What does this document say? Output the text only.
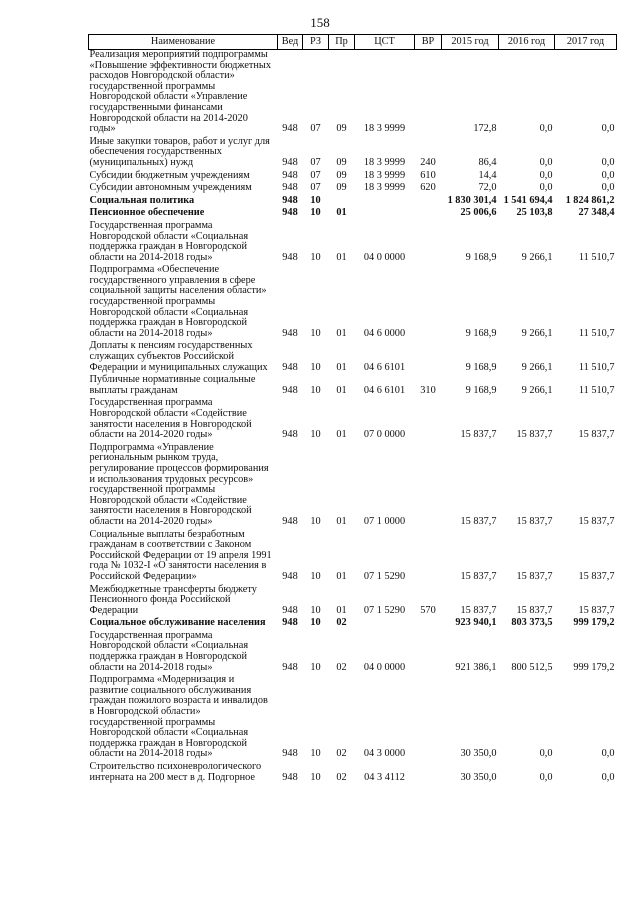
158
Наименование	Вед	РЗ	Пр	ЦСТ	ВР	2015 год	2016 год	2017 год
Реализация мероприятий подпрограммы «Повышение эффективности бюджетных расходов Новгородской области» государственной программы Новгородской области «Управление государственными финансами Новгородской области на 2014-2020 годы»	948	07	09	18 3 9999		172,8	0,0	0,0
Иные закупки товаров, работ и услуг для обеспечения государственных (муниципальных) нужд	948	07	09	18 3 9999	240	86,4	0,0	0,0
Субсидии бюджетным учреждениям	948	07	09	18 3 9999	610	14,4	0,0	0,0
Субсидии автономным учреждениям	948	07	09	18 3 9999	620	72,0	0,0	0,0
Социальная политика	948	10				1 830 301,4	1 541 694,4	1 824 861,2
Пенсионное обеспечение	948	10	01			25 006,6	25 103,8	27 348,4
Государственная программа Новгородской области «Социальная поддержка граждан в Новгородской области на 2014-2018 годы»	948	10	01	04 0 0000		9 168,9	9 266,1	11 510,7
Подпрограмма «Обеспечение государственного управления в сфере социальной защиты населения области» государственной программы Новгородской области «Социальная поддержка граждан в Новгородской области на 2014-2018 годы»	948	10	01	04 6 0000		9 168,9	9 266,1	11 510,7
Доплаты к пенсиям государственных служащих субъектов Российской Федерации и муниципальных служащих	948	10	01	04 6 6101		9 168,9	9 266,1	11 510,7
Публичные нормативные социальные выплаты гражданам	948	10	01	04 6 6101	310	9 168,9	9 266,1	11 510,7
Государственная программа Новгородской области «Содействие занятости населения в Новгородской области на 2014-2020 годы»	948	10	01	07 0 0000		15 837,7	15 837,7	15 837,7
Подпрограмма «Управление региональным рынком труда, регулирование процессов формирования и использования трудовых ресурсов» государственной программы Новгородской области «Содействие занятости населения в Новгородской области на 2014-2020 годы»	948	10	01	07 1 0000		15 837,7	15 837,7	15 837,7
Социальные выплаты безработным гражданам в соответствии с Законом Российской Федерации от 19 апреля 1991 года № 1032-I «О занятости населения в Российской Федерации»	948	10	01	07 1 5290		15 837,7	15 837,7	15 837,7
Межбюджетные трансферты бюджету Пенсионного фонда Российской Федерации	948	10	01	07 1 5290	570	15 837,7	15 837,7	15 837,7
Социальное обслуживание населения	948	10	02			923 940,1	803 373,5	999 179,2
Государственная программа Новгородской области «Социальная поддержка граждан в Новгородской области на 2014-2018 годы»	948	10	02	04 0 0000		921 386,1	800 512,5	999 179,2
Подпрограмма «Модернизация и развитие социального обслуживания граждан пожилого возраста и инвалидов в Новгородской области» государственной программы Новгородской области «Социальная поддержка граждан в Новгородской области на 2014-2018 годы»	948	10	02	04 3 0000		30 350,0	0,0	0,0
Строительство психоневрологического интерната на 200 мест в д. Подгорное	948	10	02	04 3 4112		30 350,0	0,0	0,0
